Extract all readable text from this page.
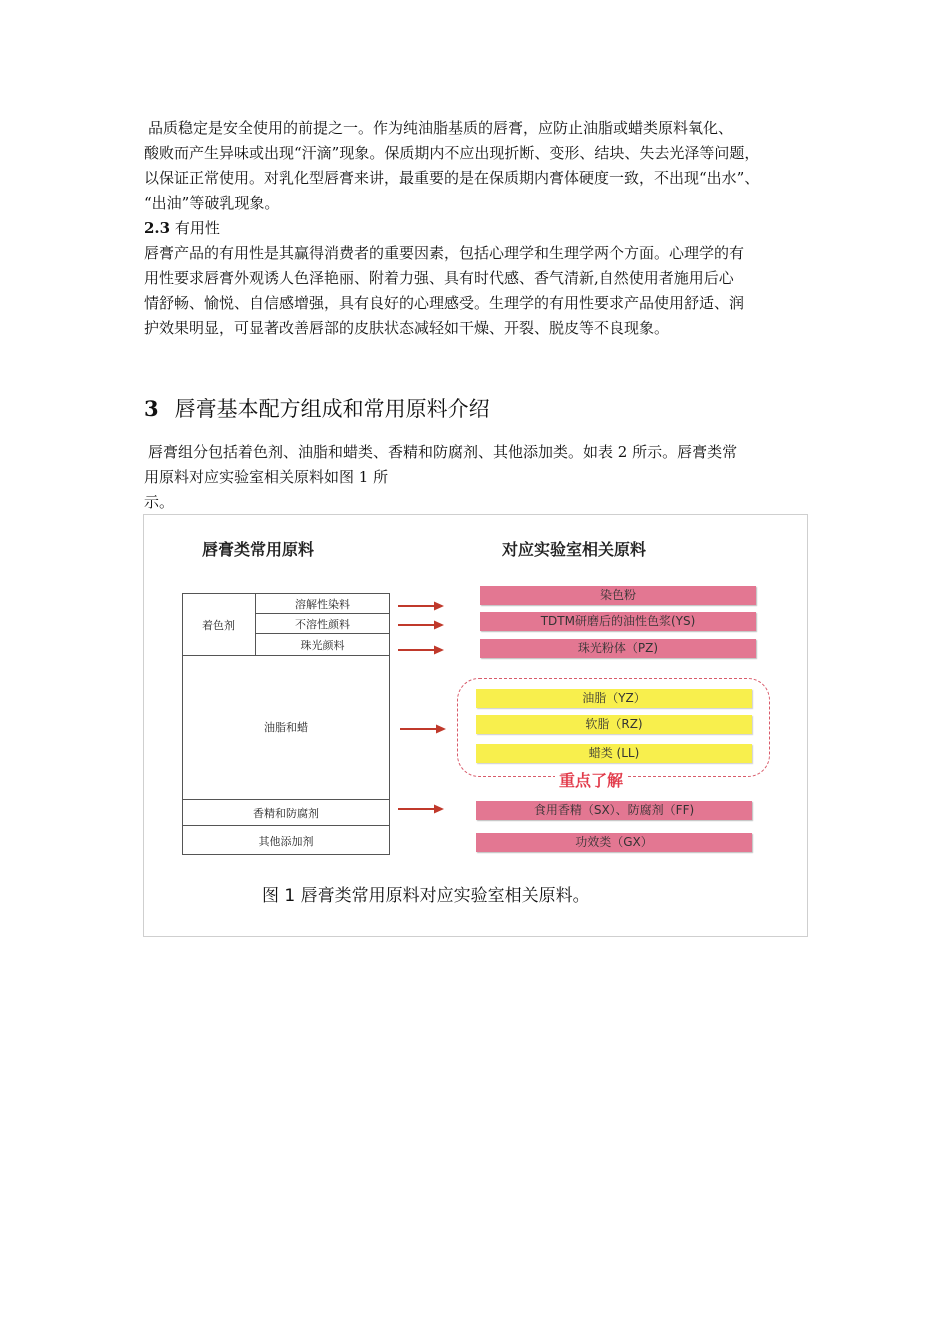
品质稳定是安全使用的前提之一。作为纯油脂基质的唇膏，应防止油脂或蜡类原料氧化、
酸败而产生异味或出现“汗滴”现象。保质期内不应出现折断、变形、结块、失去光泽等问题，
以保证正常使用。对乳化型唇膏来讲，最重要的是在保质期内膏体硬度一致，不出现“出水”、
“出油”等破乳现象。
2.3 有用性
唇膏产品的有用性是其赢得消费者的重要因素，包括心理学和生理学两个方面。心理学的有
用性要求唇膏外观诱人色泽艳丽、附着力强、具有时代感、香气清新,自然使用者施用后心
情舒畅、愉悦、自信感增强，具有良好的心理感受。生理学的有用性要求产品使用舒适、润
护效果明显，可显著改善唇部的皮肤状态减轻如干燥、开裂、脱皮等不良现象。
3 唇膏基本配方组成和常用原料介绍
唇膏组分包括着色剂、油脂和蜡类、香精和防腐剂、其他添加类。如表 2 所示。唇膏类常
用原料对应实验室相关原料如图 1 所
示。
唇膏类常用原料	对应实验室相关原料
着色剂
溶解性染料
不溶性颜料
珠光颜料
油脂和蜡
香精和防腐剂
其他添加剂
染色粉
TDTM研磨后的油性色浆(YS)
珠光粉体（PZ)
油脂（YZ）
软脂（RZ)
蜡类 (LL)
重点了解
食用香精（SX）、防腐剂（FF)
功效类（GX）
图 1 唇膏类常用原料对应实验室相关原料。
